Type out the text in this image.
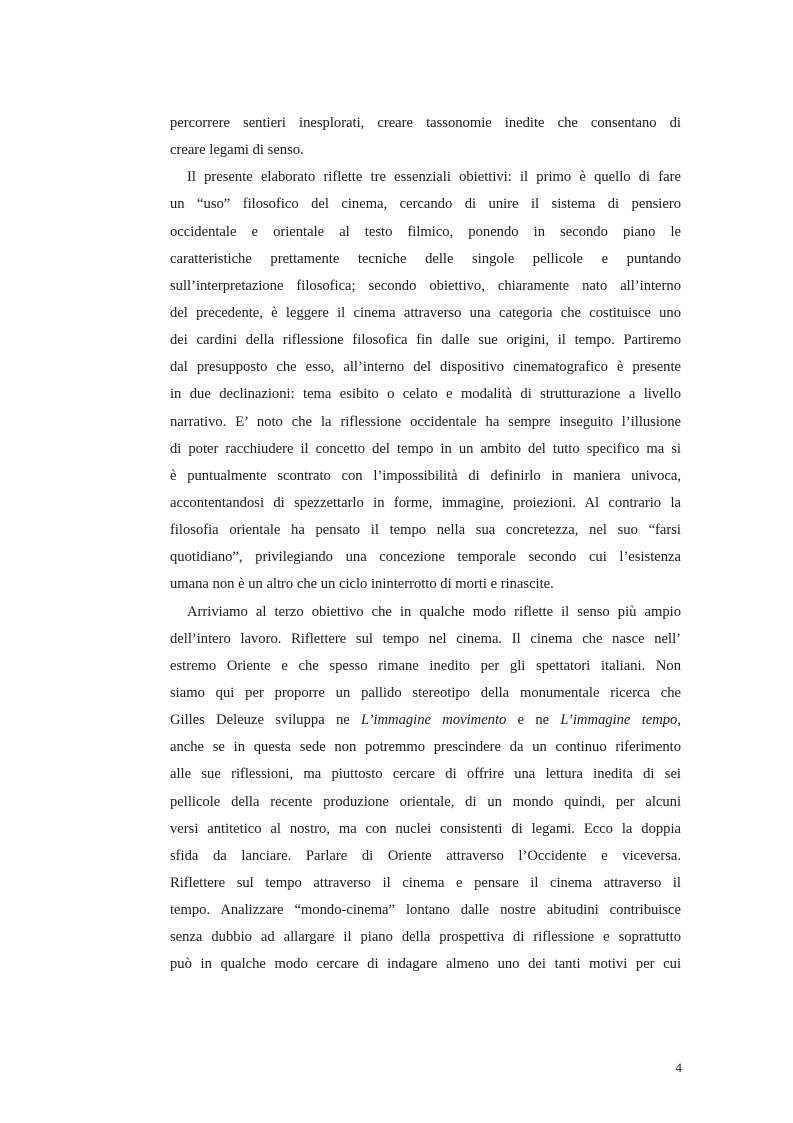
percorrere sentieri inesplorati, creare tassonomie inedite che consentano di
creare legami di senso.
Il presente elaborato riflette tre essenziali obiettivi: il primo è quello di fare
un “uso” filosofico del cinema, cercando di unire il sistema di pensiero
occidentale e orientale al testo filmico, ponendo in secondo piano le
caratteristiche prettamente tecniche delle singole pellicole e puntando
sull’interpretazione filosofica; secondo obiettivo, chiaramente nato all’interno
del precedente, è leggere il cinema attraverso una categoria che costituisce uno
dei cardini della riflessione filosofica fin dalle sue origini, il tempo. Partiremo
dal presupposto che esso, all’interno del dispositivo cinematografico è presente
in due declinazioni: tema esibito o celato e modalità di strutturazione a livello
narrativo. E’ noto che la riflessione occidentale ha sempre inseguito l’illusione
di poter racchiudere il concetto del tempo in un ambito del tutto specifico ma si
è puntualmente scontrato con l’impossibilità di definirlo in maniera univoca,
accontentandosi di spezzettarlo in forme, immagine, proiezioni. Al contrario la
filosofia orientale ha pensato il tempo nella sua concretezza, nel suo “farsi
quotidiano”, privilegiando una concezione temporale secondo cui l’esistenza
umana non è un altro che un ciclo ininterrotto di morti e rinascite.
Arriviamo al terzo obiettivo che in qualche modo riflette il senso più ampio
dell’intero lavoro. Riflettere sul tempo nel cinema. Il cinema che nasce nell’
estremo Oriente e che spesso rimane inedito per gli spettatori italiani. Non
siamo qui per proporre un pallido stereotipo della monumentale ricerca che
Gilles Deleuze sviluppa ne L’immagine movimento e ne L’immagine tempo,
anche se in questa sede non potremmo prescindere da un continuo riferimento
alle sue riflessioni, ma piuttosto cercare di offrire una lettura inedita di sei
pellicole della recente produzione orientale, di un mondo quindi, per alcuni
versi antitetico al nostro, ma con nuclei consistenti di legami. Ecco la doppia
sfida da lanciare. Parlare di Oriente attraverso l’Occidente e viceversa.
Riflettere sul tempo attraverso il cinema e pensare il cinema attraverso il
tempo. Analizzare “mondo-cinema” lontano dalle nostre abitudini contribuisce
senza dubbio ad allargare il piano della prospettiva di riflessione e soprattutto
può in qualche modo cercare di indagare almeno uno dei tanti motivi per cui
4
